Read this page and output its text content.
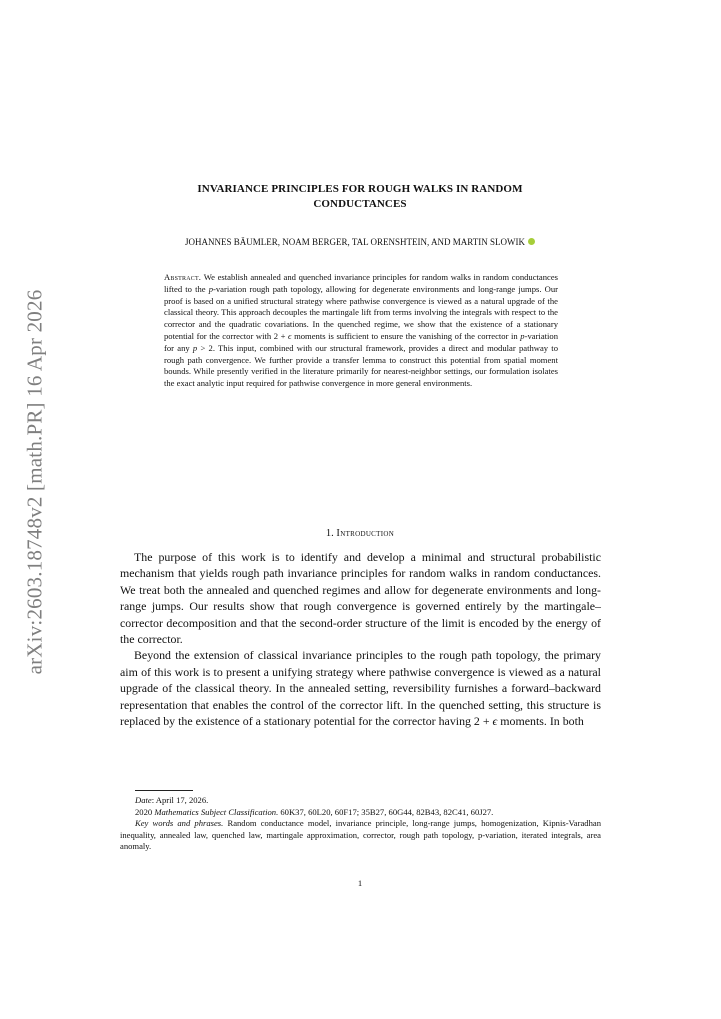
arXiv:2603.18748v2 [math.PR] 16 Apr 2026
INVARIANCE PRINCIPLES FOR ROUGH WALKS IN RANDOM CONDUCTANCES
JOHANNES BÄUMLER, NOAM BERGER, TAL ORENSHTEIN, AND MARTIN SLOWIK
Abstract. We establish annealed and quenched invariance principles for random walks in random conductances lifted to the p-variation rough path topology, allowing for degenerate environments and long-range jumps. Our proof is based on a unified structural strategy where pathwise convergence is viewed as a natural upgrade of the classical theory. This approach decouples the martingale lift from terms involving the integrals with respect to the corrector and the quadratic covariations. In the quenched regime, we show that the existence of a stationary potential for the corrector with 2 + ϵ moments is sufficient to ensure the vanishing of the corrector in p-variation for any p > 2. This input, combined with our structural framework, provides a direct and modular pathway to rough path convergence. We further provide a transfer lemma to construct this potential from spatial moment bounds. While presently verified in the literature primarily for nearest-neighbor settings, our formulation isolates the exact analytic input required for pathwise convergence in more general environments.
1. Introduction

The purpose of this work is to identify and develop a minimal and structural probabilistic mechanism that yields rough path invariance principles for random walks in random conductances. We treat both the annealed and quenched regimes and allow for degenerate environments and long-range jumps. Our results show that rough convergence is governed entirely by the martingale–corrector decomposition and that the second-order structure of the limit is encoded by the energy of the corrector.

Beyond the extension of classical invariance principles to the rough path topology, the primary aim of this work is to present a unifying strategy where pathwise convergence is viewed as a natural upgrade of the classical theory. In the annealed setting, reversibility furnishes a forward–backward representation that enables the control of the corrector lift. In the quenched setting, this structure is replaced by the existence of a stationary potential for the corrector having 2 + ϵ moments. In both

Date: April 17, 2026.

2020 Mathematics Subject Classification. 60K37, 60L20, 60F17; 35B27, 60G44, 82B43, 82C41, 60J27.

Key words and phrases. Random conductance model, invariance principle, long-range jumps, homogenization, Kipnis-Varadhan inequality, annealed law, quenched law, martingale approximation, corrector, rough path topology, p-variation, iterated integrals, area anomaly.

1
